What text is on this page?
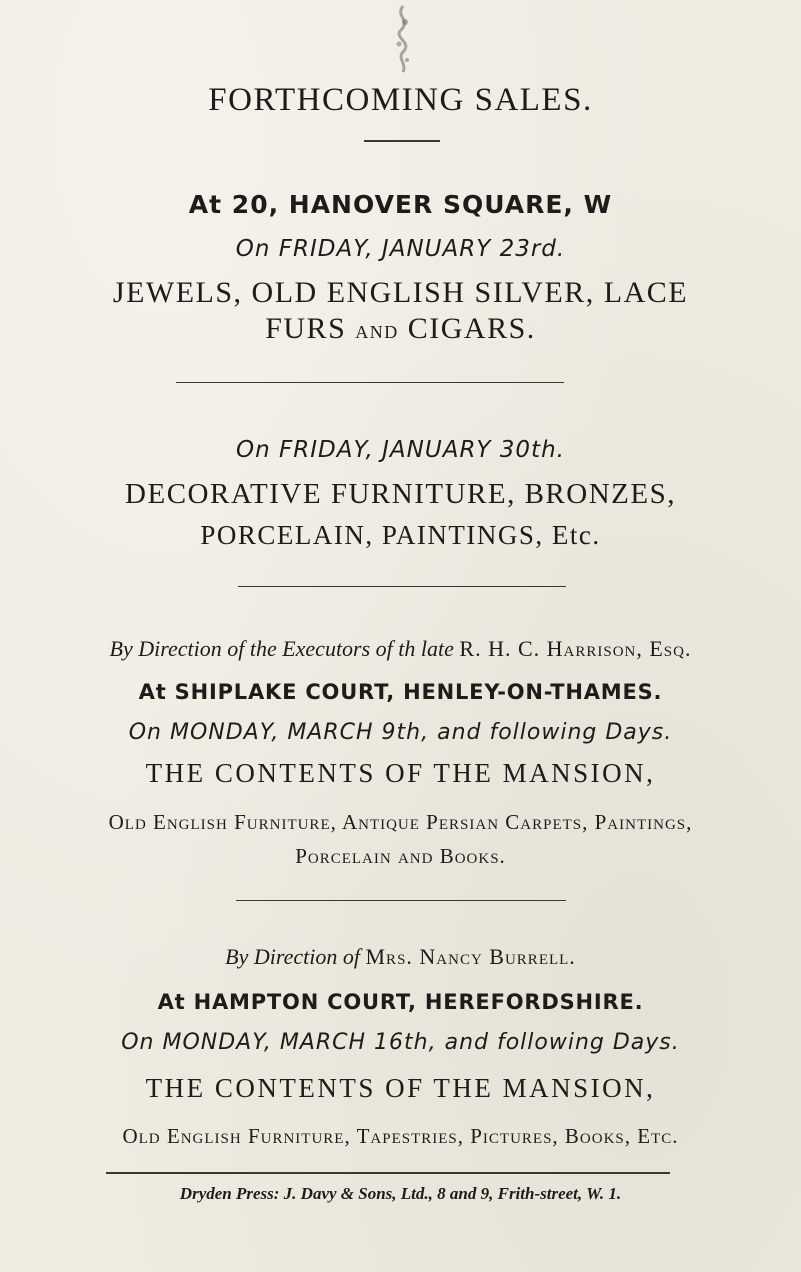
FORTHCOMING SALES.
At 20, HANOVER SQUARE, W
On FRIDAY, JANUARY 23rd.
JEWELS, OLD ENGLISH SILVER, LACE
FURS AND CIGARS.
On FRIDAY, JANUARY 30th.
DECORATIVE FURNITURE, BRONZES,
PORCELAIN, PAINTINGS, Etc.
By Direction of the Executors of th late R. H. C. Harrison, Esq.
At SHIPLAKE COURT, HENLEY-ON-THAMES.
On MONDAY, MARCH 9th, and following Days.
THE CONTENTS OF THE MANSION,
Old English Furniture, Antique Persian Carpets, Paintings,
Porcelain and Books.
By Direction of Mrs. Nancy Burrell.
At HAMPTON COURT, HEREFORDSHIRE.
On MONDAY, MARCH 16th, and following Days.
THE CONTENTS OF THE MANSION,
Old English Furniture, Tapestries, Pictures, Books, Etc.
Dryden Press: J. Davy & Sons, Ltd., 8 and 9, Frith-street, W. 1.
